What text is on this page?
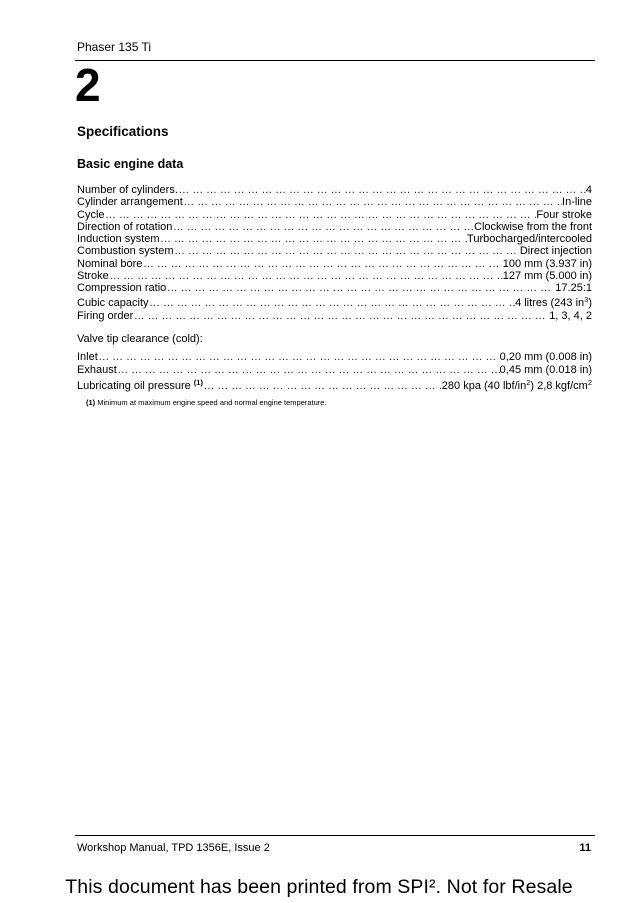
Phaser 135 Ti
2
Specifications
Basic engine data
Number of cylinders. ... .	4
Cylinder arrangement ... .	In-line
Cycle ... .	Four stroke
Direction of rotation ... .	Clockwise from the front
Induction system ... .	Turbocharged/intercooled
Combustion system ... .	Direct injection
Nominal bore ... .	100 mm (3.937 in)
Stroke ... .	127 mm (5.000 in)
Compression ratio ... .	17.25:1
Cubic capacity ... .	4 litres (243 $in^3$)
Firing order ... .	1, 3, 4, 2
Valve tip clearance (cold):
Inlet ... .	0,20 mm (0.008 in)
Exhaust ... .	0,45 mm (0.018 in)
Lubricating oil pressure $^{(1)}$ ... .	280 kpa (40 lbf/$in^2$) 2,8 kgf/$cm^2$
(1) Minimum at maximum engine speed and normal engine temperature.
Workshop Manual, TPD 1356E, Issue 2	11
This document has been printed from SPI². Not for Resale
